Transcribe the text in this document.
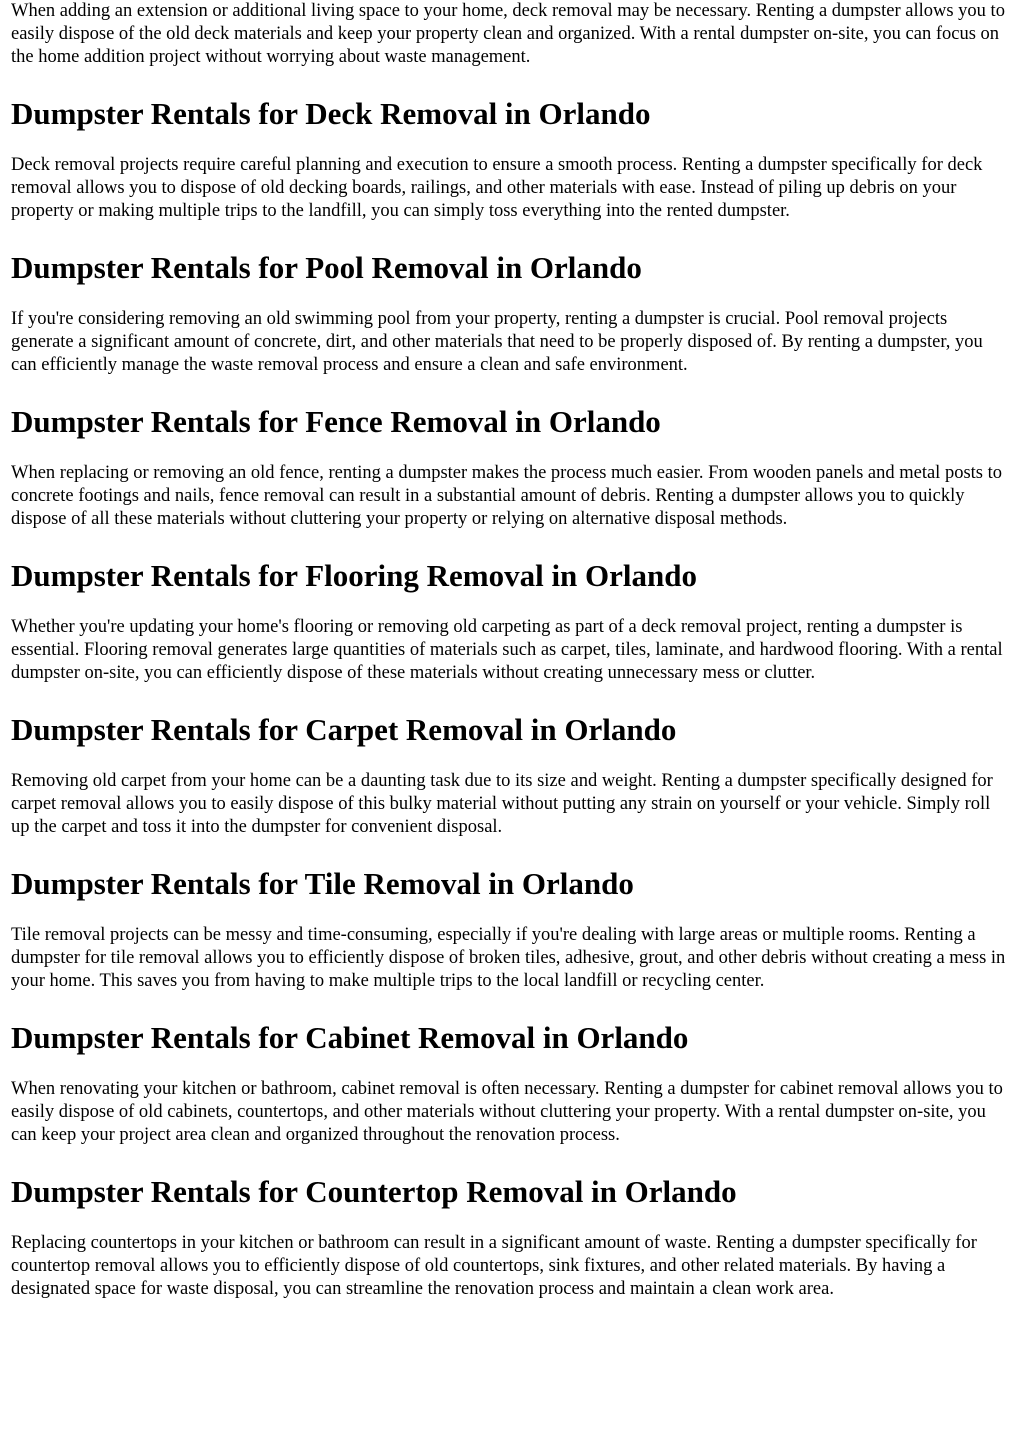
When adding an extension or additional living space to your home, deck removal may be necessary. Renting a dumpster allows you to easily dispose of the old deck materials and keep your property clean and organized. With a rental dumpster on-site, you can focus on the home addition project without worrying about waste management.

Dumpster Rentals for Deck Removal in Orlando

Deck removal projects require careful planning and execution to ensure a smooth process. Renting a dumpster specifically for deck removal allows you to dispose of old decking boards, railings, and other materials with ease. Instead of piling up debris on your property or making multiple trips to the landfill, you can simply toss everything into the rented dumpster.

Dumpster Rentals for Pool Removal in Orlando

If you're considering removing an old swimming pool from your property, renting a dumpster is crucial. Pool removal projects generate a significant amount of concrete, dirt, and other materials that need to be properly disposed of. By renting a dumpster, you can efficiently manage the waste removal process and ensure a clean and safe environment.

Dumpster Rentals for Fence Removal in Orlando

When replacing or removing an old fence, renting a dumpster makes the process much easier. From wooden panels and metal posts to concrete footings and nails, fence removal can result in a substantial amount of debris. Renting a dumpster allows you to quickly dispose of all these materials without cluttering your property or relying on alternative disposal methods.

Dumpster Rentals for Flooring Removal in Orlando

Whether you're updating your home's flooring or removing old carpeting as part of a deck removal project, renting a dumpster is essential. Flooring removal generates large quantities of materials such as carpet, tiles, laminate, and hardwood flooring. With a rental dumpster on-site, you can efficiently dispose of these materials without creating unnecessary mess or clutter.

Dumpster Rentals for Carpet Removal in Orlando

Removing old carpet from your home can be a daunting task due to its size and weight. Renting a dumpster specifically designed for carpet removal allows you to easily dispose of this bulky material without putting any strain on yourself or your vehicle. Simply roll up the carpet and toss it into the dumpster for convenient disposal.

Dumpster Rentals for Tile Removal in Orlando

Tile removal projects can be messy and time-consuming, especially if you're dealing with large areas or multiple rooms. Renting a dumpster for tile removal allows you to efficiently dispose of broken tiles, adhesive, grout, and other debris without creating a mess in your home. This saves you from having to make multiple trips to the local landfill or recycling center.

Dumpster Rentals for Cabinet Removal in Orlando

When renovating your kitchen or bathroom, cabinet removal is often necessary. Renting a dumpster for cabinet removal allows you to easily dispose of old cabinets, countertops, and other materials without cluttering your property. With a rental dumpster on-site, you can keep your project area clean and organized throughout the renovation process.

Dumpster Rentals for Countertop Removal in Orlando

Replacing countertops in your kitchen or bathroom can result in a significant amount of waste. Renting a dumpster specifically for countertop removal allows you to efficiently dispose of old countertops, sink fixtures, and other related materials. By having a designated space for waste disposal, you can streamline the renovation process and maintain a clean work area.
